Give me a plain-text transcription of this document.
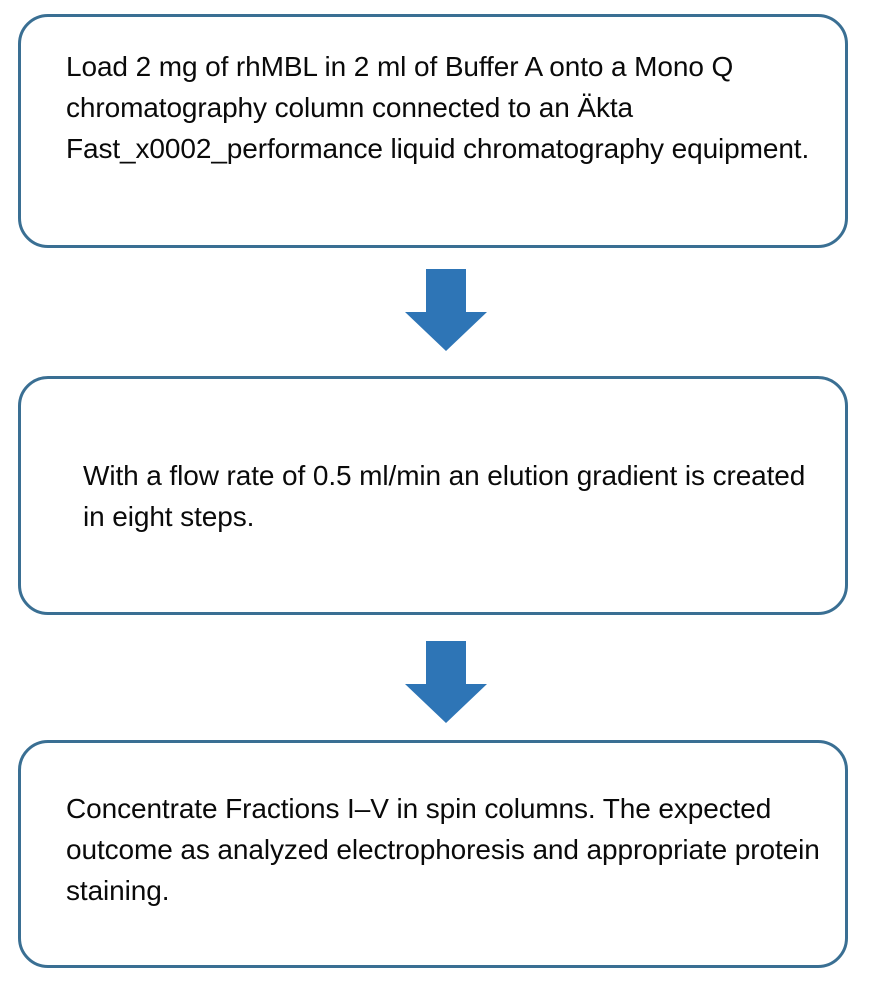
Load 2 mg of rhMBL in 2 ml of Buffer A onto a Mono Q chromatography column connected to an Äkta Fast_x0002_performance liquid chromatography equipment.

With a flow rate of 0.5 ml/min an elution gradient is created in eight steps.

Concentrate Fractions I–V in spin columns. The expected outcome as analyzed electrophoresis and appropriate protein staining.
